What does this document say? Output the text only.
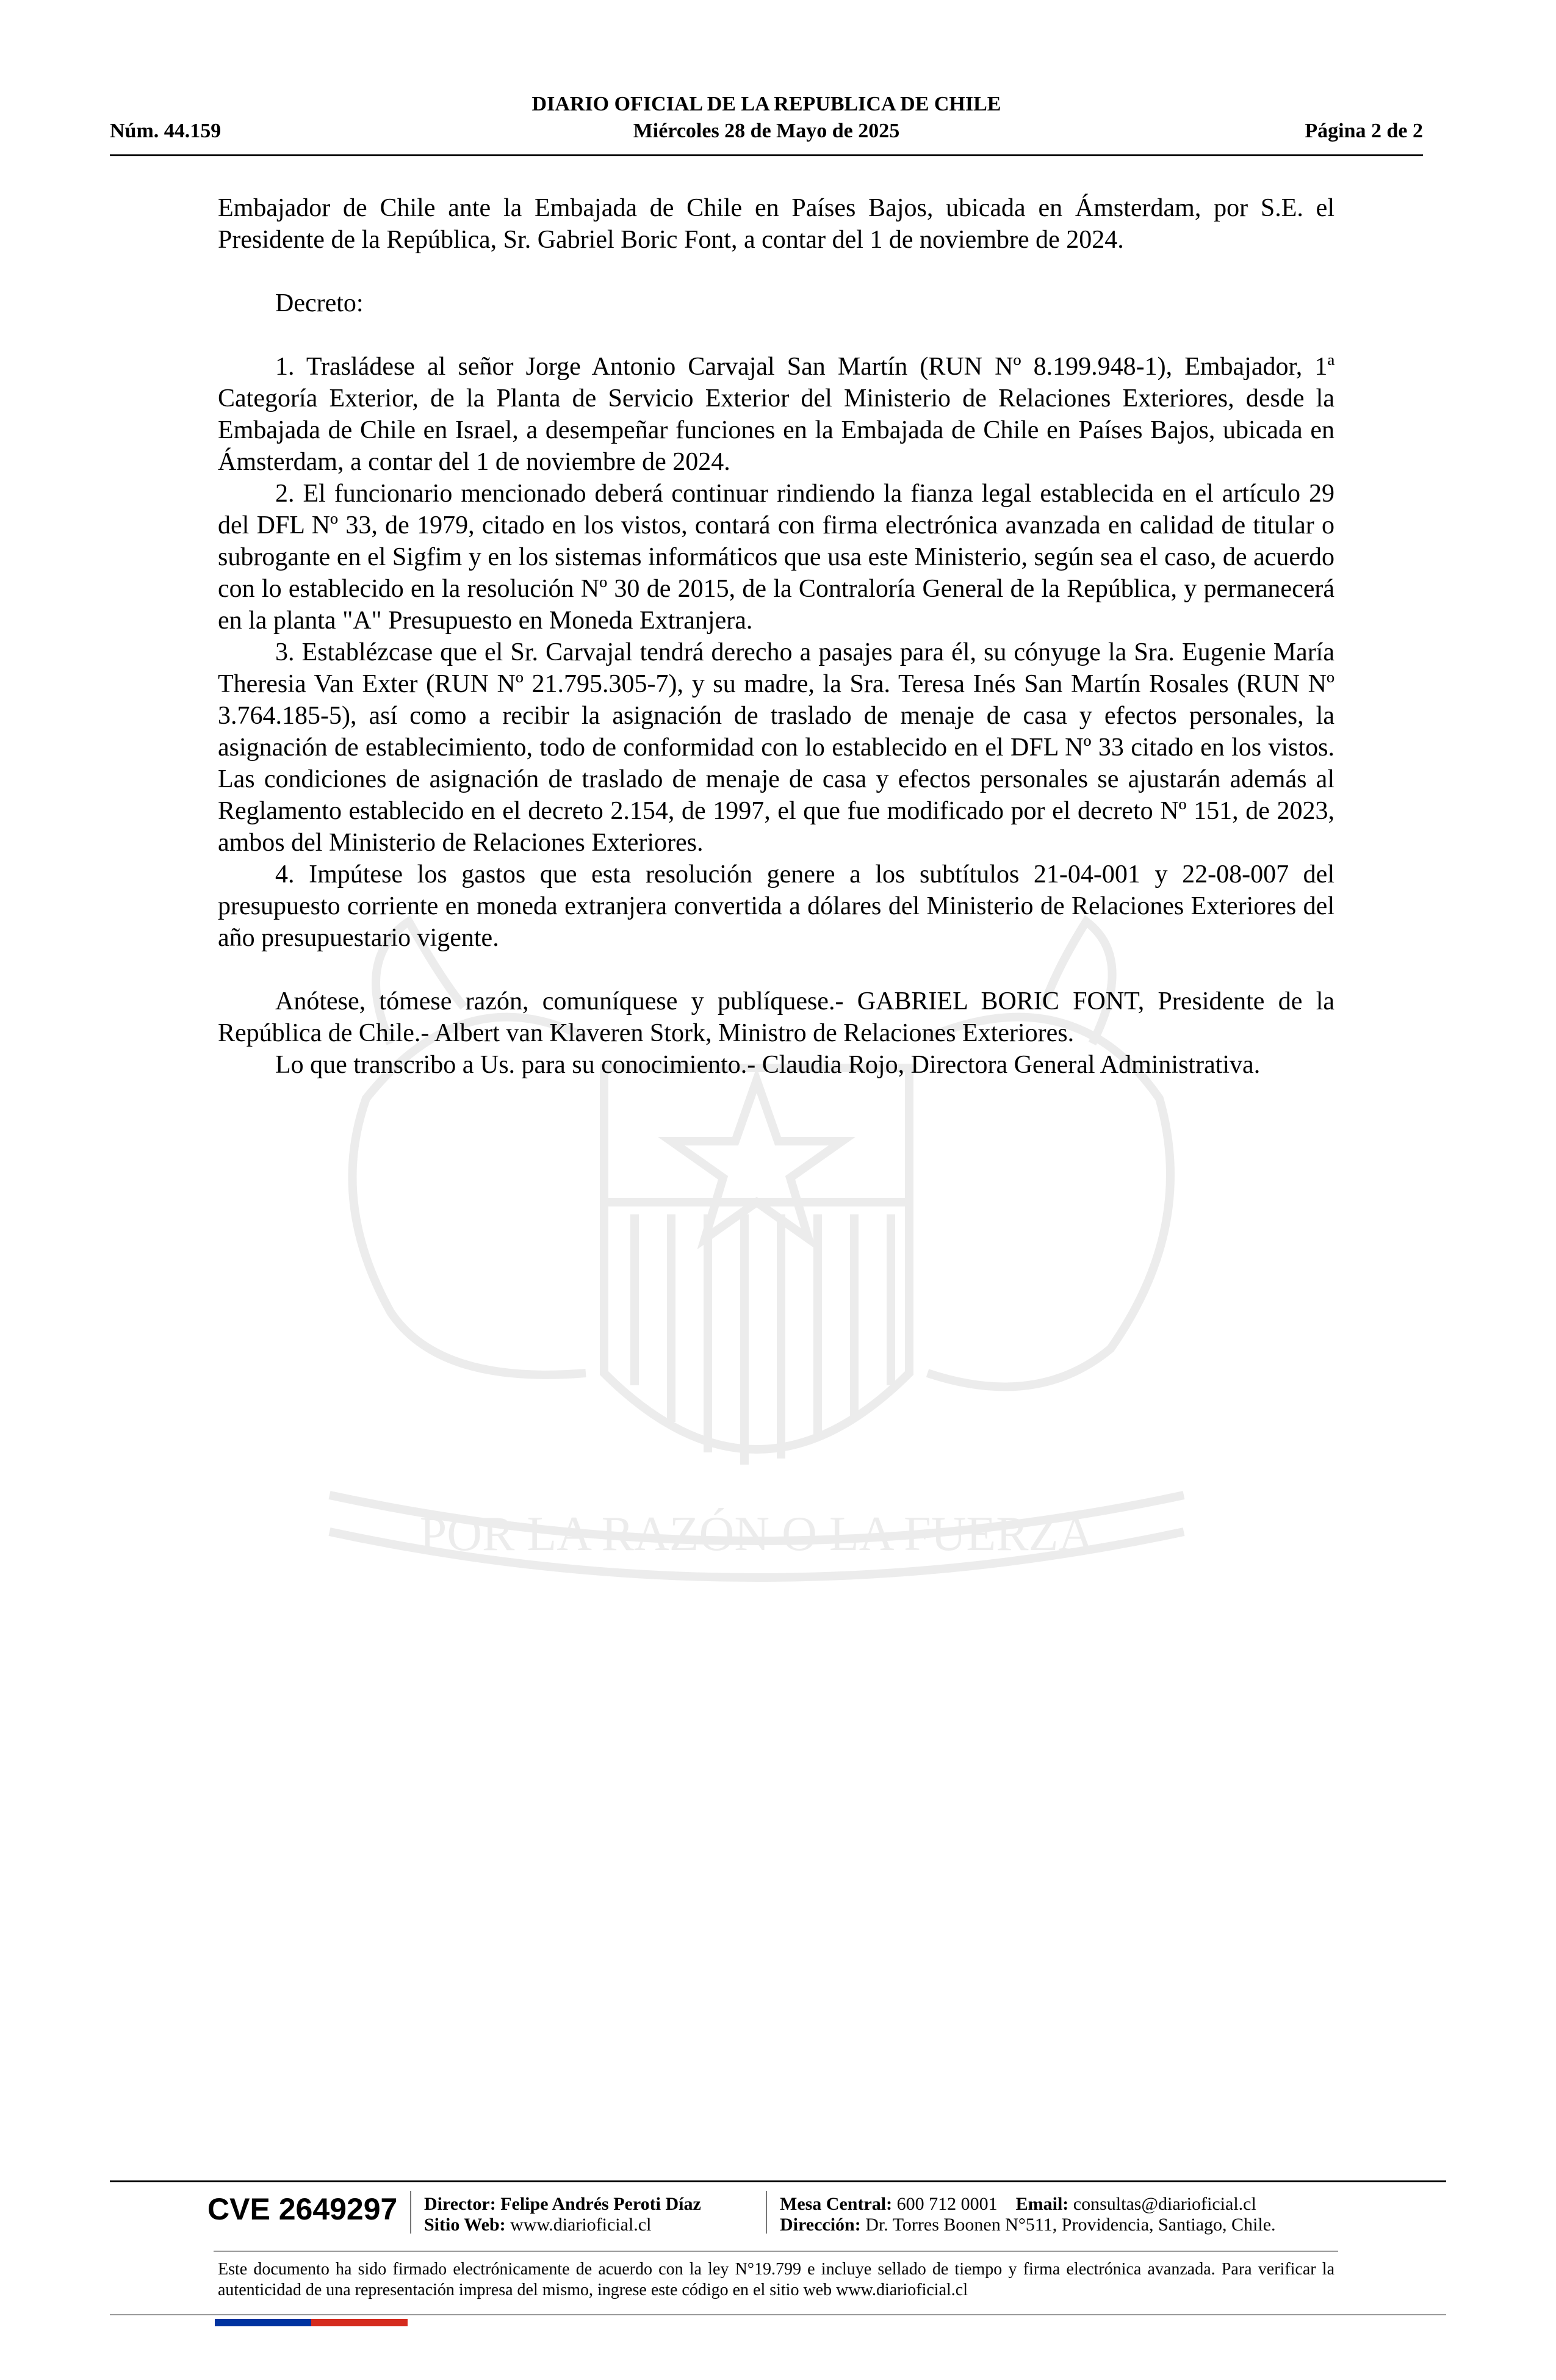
DIARIO OFICIAL DE LA REPUBLICA DE CHILE
Núm. 44.159	Miércoles 28 de Mayo de 2025	Página 2 de 2
POR LA RAZÓN O LA FUERZA

Embajador de Chile ante la Embajada de Chile en Países Bajos, ubicada en Ámsterdam, por S.E. el Presidente de la República, Sr. Gabriel Boric Font, a contar del 1 de noviembre de 2024.

Decreto:

1. Trasládese al señor Jorge Antonio Carvajal San Martín (RUN Nº 8.199.948-1), Embajador, 1ª Categoría Exterior, de la Planta de Servicio Exterior del Ministerio de Relaciones Exteriores, desde la Embajada de Chile en Israel, a desempeñar funciones en la Embajada de Chile en Países Bajos, ubicada en Ámsterdam, a contar del 1 de noviembre de 2024.

2. El funcionario mencionado deberá continuar rindiendo la fianza legal establecida en el artículo 29 del DFL Nº 33, de 1979, citado en los vistos, contará con firma electrónica avanzada en calidad de titular o subrogante en el Sigfim y en los sistemas informáticos que usa este Ministerio, según sea el caso, de acuerdo con lo establecido en la resolución Nº 30 de 2015, de la Contraloría General de la República, y permanecerá en la planta "A" Presupuesto en Moneda Extranjera.

3. Establézcase que el Sr. Carvajal tendrá derecho a pasajes para él, su cónyuge la Sra. Eugenie María Theresia Van Exter (RUN Nº 21.795.305-7), y su madre, la Sra. Teresa Inés San Martín Rosales (RUN Nº 3.764.185-5), así como a recibir la asignación de traslado de menaje de casa y efectos personales, la asignación de establecimiento, todo de conformidad con lo establecido en el DFL Nº 33 citado en los vistos. Las condiciones de asignación de traslado de menaje de casa y efectos personales se ajustarán además al Reglamento establecido en el decreto 2.154, de 1997, el que fue modificado por el decreto Nº 151, de 2023, ambos del Ministerio de Relaciones Exteriores.

4. Impútese los gastos que esta resolución genere a los subtítulos 21-04-001 y 22-08-007 del presupuesto corriente en moneda extranjera convertida a dólares del Ministerio de Relaciones Exteriores del año presupuestario vigente.

Anótese, tómese razón, comuníquese y publíquese.- GABRIEL BORIC FONT, Presidente de la República de Chile.- Albert van Klaveren Stork, Ministro de Relaciones Exteriores.

Lo que transcribo a Us. para su conocimiento.- Claudia Rojo, Directora General Administrativa.

CVE 2649297 Director: Felipe Andrés Peroti Díaz
Sitio Web: www.diarioficial.cl
Mesa Central: 600 712 0001 Email: consultas@diarioficial.cl
Dirección: Dr. Torres Boonen N°511, Providencia, Santiago, Chile.
Este documento ha sido firmado electrónicamente de acuerdo con la ley N°19.799 e incluye sellado de tiempo y firma electrónica avanzada. Para verificar la autenticidad de una representación impresa del mismo, ingrese este código en el sitio web www.diarioficial.cl
